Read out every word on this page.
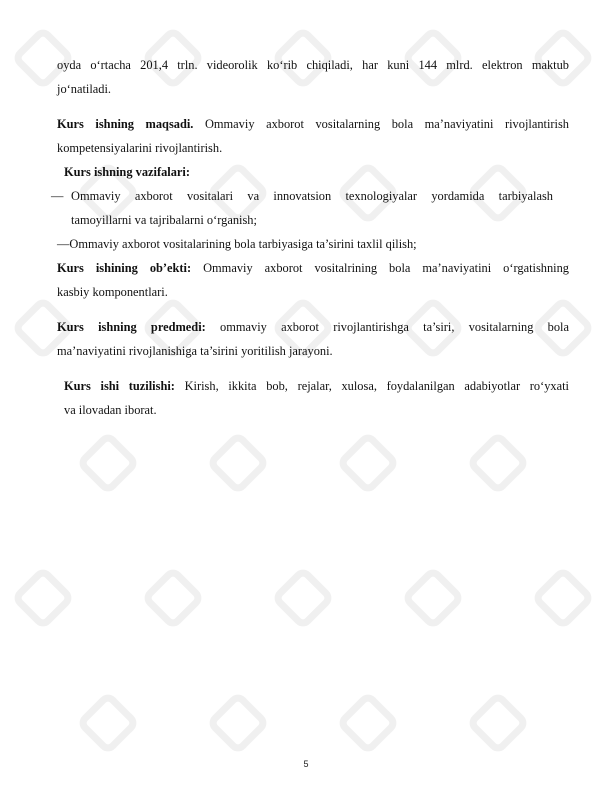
oyda o‘rtacha 201,4 trln. videorolik ko‘rib chiqiladi, har kuni 144 mlrd. elektron maktub
jo‘natiladi.
Kurs ishning maqsadi. Ommaviy axborot vositalarning bola ma’naviyatini rivojlantirish
kompetensiyalarini rivojlantirish.
Kurs ishning vazifalari:
— Ommaviy axborot vositalari va innovatsion texnologiyalar yordamida tarbiyalash
tamoyillarni va tajribalarni o‘rganish;
—Ommaviy axborot vositalarining bola tarbiyasiga ta’sirini taxlil qilish;
Kurs ishining ob’ekti: Ommaviy axborot vositalrining bola ma’naviyatini o‘rgatishning
kasbiy komponentlari.
Kurs ishning predmedi: ommaviy axborot rivojlantirishga ta’siri, vositalarning bola
ma’naviyatini rivojlanishiga ta’sirini yoritilish jarayoni.
Kurs ishi tuzilishi: Kirish, ikkita bob, rejalar, xulosa, foydalanilgan adabiyotlar ro‘yxati
va ilovadan iborat.
5
